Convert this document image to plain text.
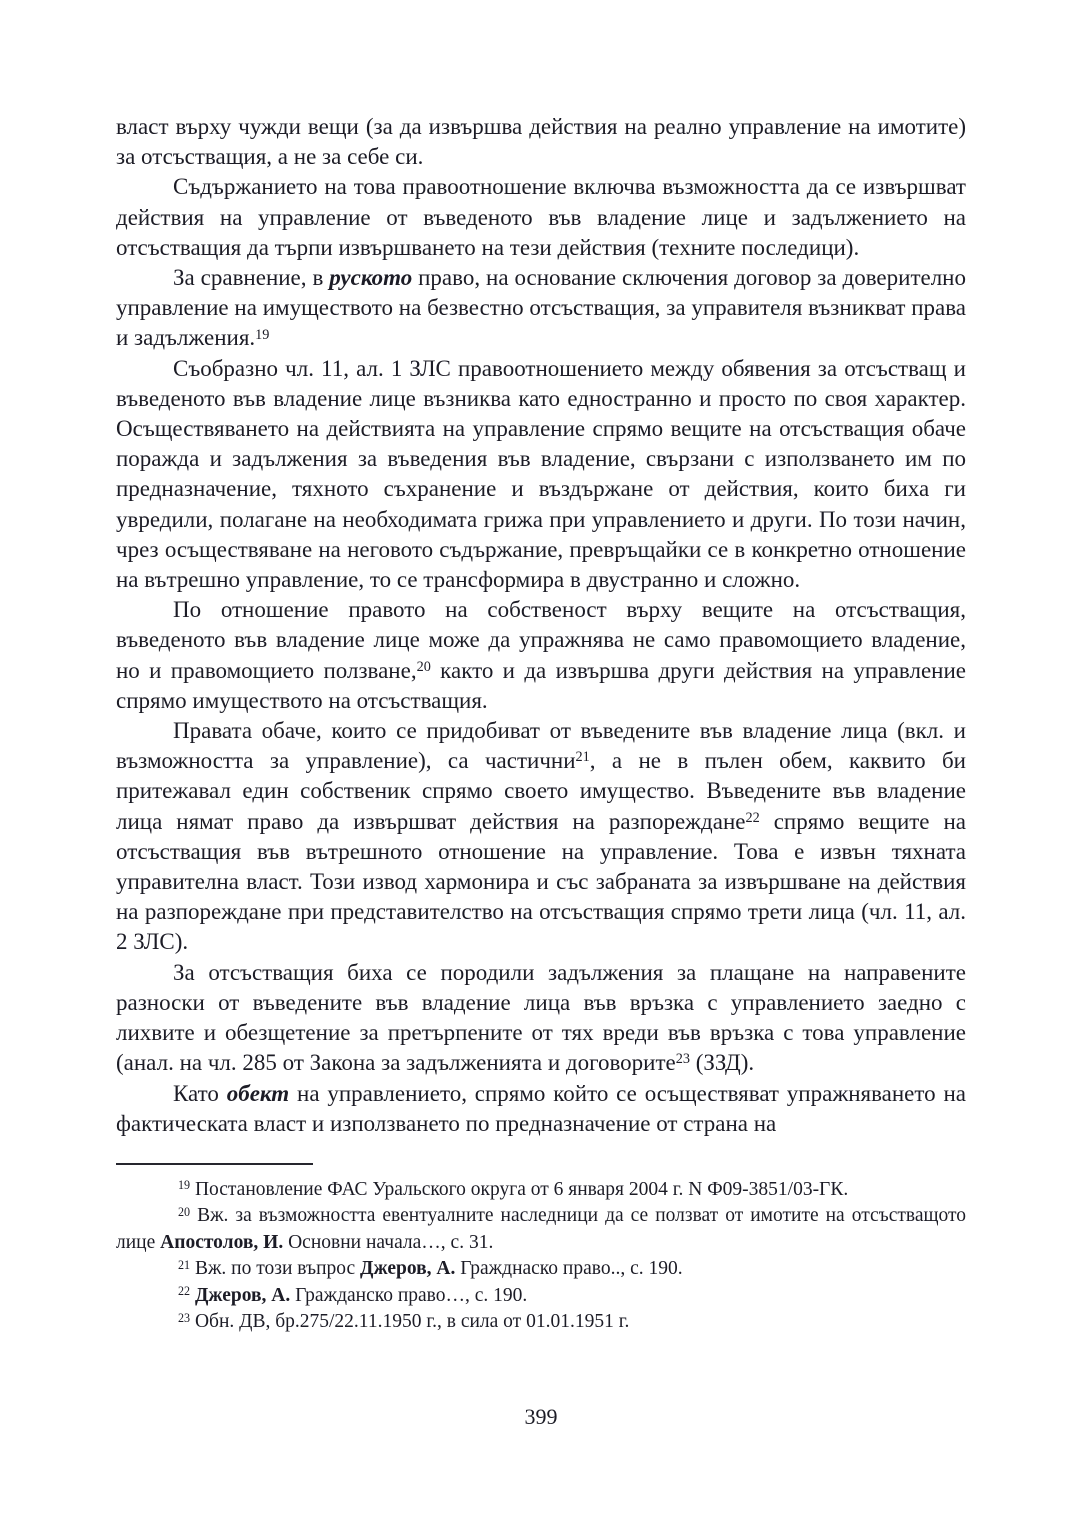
власт върху чужди вещи (за да извършва действия на реално управление на имотите) за отсъстващия, а не за себе си.

Съдържанието на това правоотношение включва възможността да се извършват действия на управление от въведеното във владение лице и задължението на отсъстващия да търпи извършването на тези действия (техните последици).

За сравнение, в руското право, на основание сключения договор за доверително управление на имуществото на безвестно отсъстващия, за управителя възникват права и задължения.$^{19}$

Съобразно чл. 11, ал. 1 ЗЛС правоотношението между обявения за отсъстващ и въведеното във владение лице възниква като едностранно и просто по своя характер. Осъществяването на действията на управление спрямо вещите на отсъстващия обаче поражда и задължения за въведения във владение, свързани с използването им по предназначение, тяхното съхранение и въздържане от действия, които биха ги увредили, полагане на необходимата грижа при управлението и други. По този начин, чрез осъществяване на неговото съдържание, превръщайки се в конкретно отношение на вътрешно управление, то се трансформира в двустранно и сложно.

По отношение правото на собственост върху вещите на отсъстващия, въведеното във владение лице може да упражнява не само правомощието владение, но и правомощието ползване,$^{20}$ както и да извършва други действия на управление спрямо имуществото на отсъстващия.

Правата обаче, които се придобиват от въведените във владение лица (вкл. и възможността за управление), са частични$^{21}$, а не в пълен обем, каквито би притежавал един собственик спрямо своето имущество. Въведените във владение лица нямат право да извършват действия на разпореждане$^{22}$ спрямо вещите на отсъстващия във вътрешното отношение на управление. Това е извън тяхната управителна власт. Този извод хармонира и със забраната за извършване на действия на разпореждане при представителство на отсъстващия спрямо трети лица (чл. 11, ал. 2 ЗЛС).

За отсъстващия биха се породили задължения за плащане на направените разноски от въведените във владение лица във връзка с управлението заедно с лихвите и обезщетение за претърпените от тях вреди във връзка с това управление (анал. на чл. 285 от Закона за задълженията и договорите$^{23}$ (ЗЗД).

Като обект на управлението, спрямо който се осъществяват упражняването на фактическата власт и използването по предназначение от страна на

$^{19}$ Постановление ФАС Уральского округа от 6 января 2004 г. N Ф09-3851/03-ГК.

$^{20}$ Вж. за възможността евентуалните наследници да се ползват от имотите на отсъстващото лице Апостолов, И. Основни начала…, с. 31.

$^{21}$ Вж. по този въпрос Джеров, А. Гражднаско право.., с. 190.

$^{22}$ Джеров, А. Гражданско право…, с. 190.

$^{23}$ Обн. ДВ, бр.275/22.11.1950 г., в сила от 01.01.1951 г.

399
